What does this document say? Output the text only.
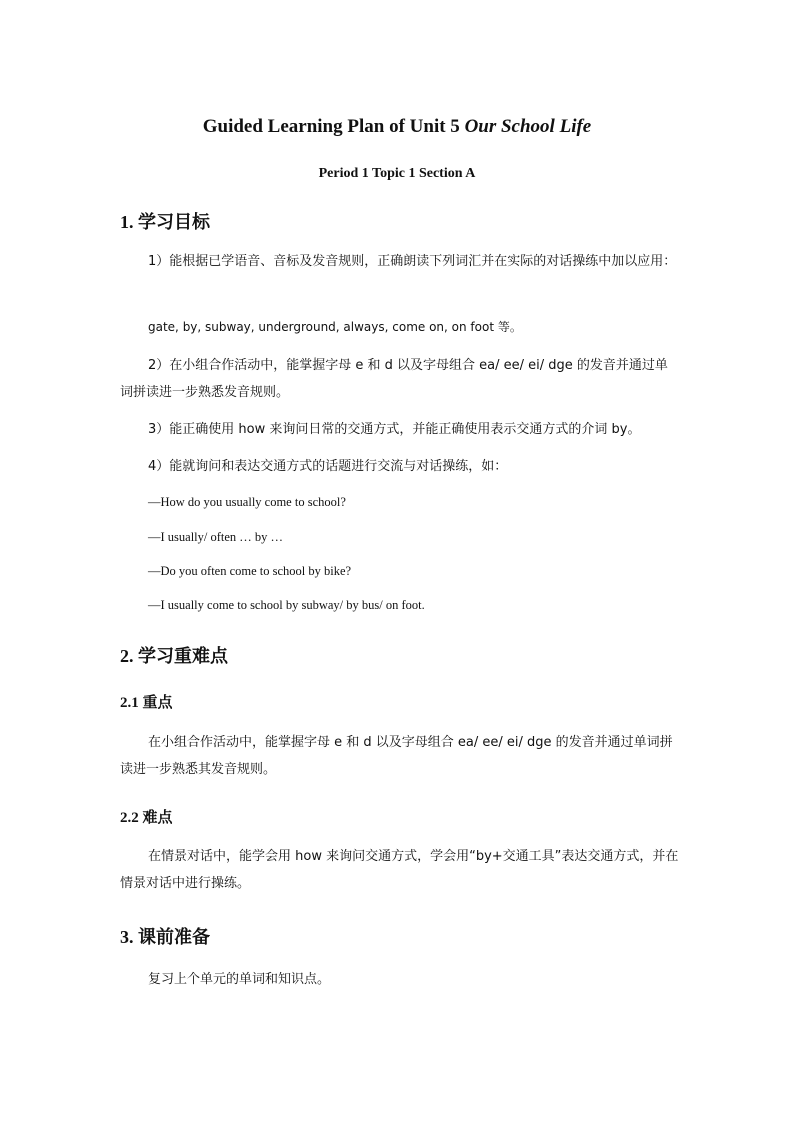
Guided Learning Plan of Unit 5 Our School Life
Period 1 Topic 1 Section A
1. 学习目标
1）能根据已学语音、音标及发音规则，正确朗读下列词汇并在实际的对话操练中加以应用：
gate, by, subway, underground, always, come on, on foot 等。
2）在小组合作活动中，能掌握字母 e 和 d 以及字母组合 ea/ ee/ ei/ dge 的发音并通过单词拼读进一步熟悉发音规则。
3）能正确使用 how 来询问日常的交通方式，并能正确使用表示交通方式的介词 by。
4）能就询问和表达交通方式的话题进行交流与对话操练，如：
—How do you usually come to school?
—I usually/ often … by …
—Do you often come to school by bike?
—I usually come to school by subway/ by bus/ on foot.
2. 学习重难点
2.1 重点
在小组合作活动中，能掌握字母 e 和 d 以及字母组合 ea/ ee/ ei/ dge 的发音并通过单词拼读进一步熟悉其发音规则。
2.2 难点
在情景对话中，能学会用 how 来询问交通方式，学会用“by+交通工具”表达交通方式，并在情景对话中进行操练。
3. 课前准备
复习上个单元的单词和知识点。
